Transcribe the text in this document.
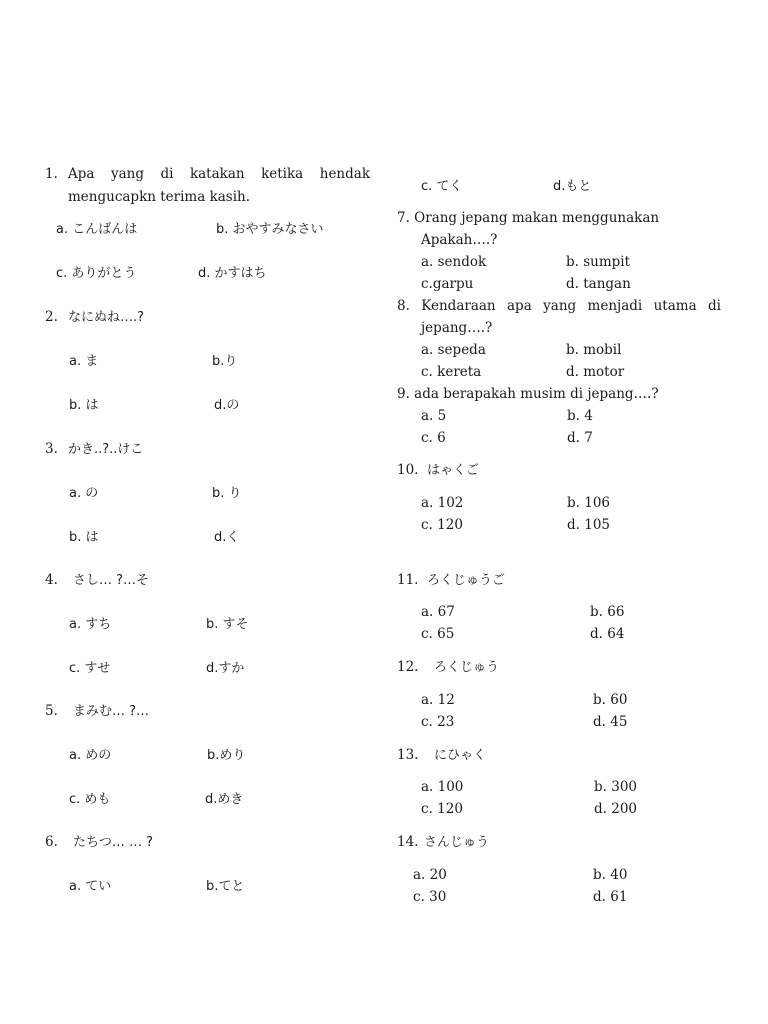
1. Apa yang di katakan ketika hendak
mengucapkn terima kasih.
a. こんばんは	b. おやすみなさい
c. ありがとう	d. かすはち
2. なにぬね….?
a. ま	b.り
b. は	d.の
3. かき..?..けこ
a. の	b. り
b. は	d.く
4. さし… ?…そ
a. すち	b. すそ
c. すせ	d.すか
5. まみむ… ?…
a. めの	b.めり
c. めも	d.めき
6. たちつ… … ?
a. てい	b.てと
c. てく	d.もと
7. Orang jepang makan menggunakan
Apakah….?
a. sendok	b. sumpit
c.garpu	d. tangan
8. Kendaraan apa yang menjadi utama di
jepang….?
a. sepeda	b. mobil
c. kereta	d. motor
9. ada berapakah musim di jepang….?
a. 5	b. 4
c. 6	d. 7
10. はゃくご
a. 102	b. 106
c. 120	d. 105
11. ろくじゅうご
a. 67	b. 66
c. 65	d. 64
12. ろくじゅう
a. 12	b. 60
c. 23	d. 45
13. にひゃく
a. 100	b. 300
c. 120	d. 200
14. さんじゅう
a. 20	b. 40
c. 30	d. 61
